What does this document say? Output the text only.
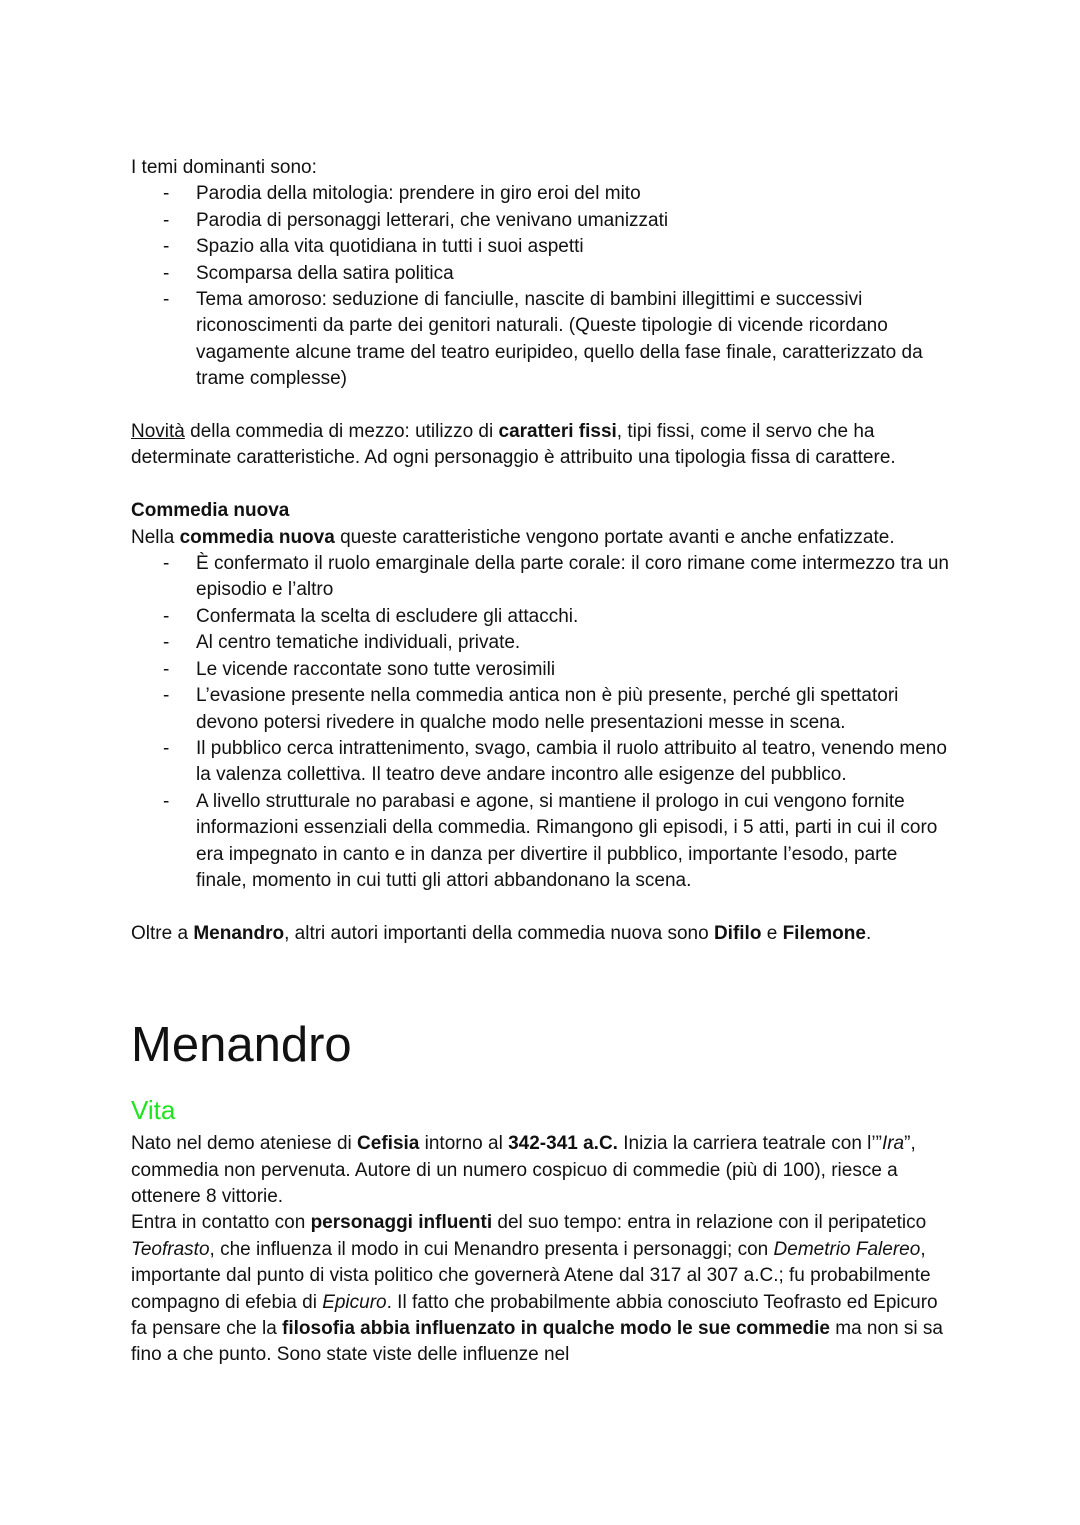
I temi dominanti sono:

- Parodia della mitologia: prendere in giro eroi del mito
- Parodia di personaggi letterari, che venivano umanizzati
- Spazio alla vita quotidiana in tutti i suoi aspetti
- Scomparsa della satira politica
- Tema amoroso: seduzione di fanciulle, nascite di bambini illegittimi e successivi riconoscimenti da parte dei genitori naturali. (Queste tipologie di vicende ricordano vagamente alcune trame del teatro euripideo, quello della fase finale, caratterizzato da trame complesse)

Novità della commedia di mezzo: utilizzo di caratteri fissi, tipi fissi, come il servo che ha determinate caratteristiche. Ad ogni personaggio è attribuito una tipologia fissa di carattere.

Commedia nuova

Nella commedia nuova queste caratteristiche vengono portate avanti e anche enfatizzate.

- È confermato il ruolo emarginale della parte corale: il coro rimane come intermezzo tra un episodio e l’altro
- Confermata la scelta di escludere gli attacchi.
- Al centro tematiche individuali, private.
- Le vicende raccontate sono tutte verosimili
- L’evasione presente nella commedia antica non è più presente, perché gli spettatori devono potersi rivedere in qualche modo nelle presentazioni messe in scena.
- Il pubblico cerca intrattenimento, svago, cambia il ruolo attribuito al teatro, venendo meno la valenza collettiva. Il teatro deve andare incontro alle esigenze del pubblico.
- A livello strutturale no parabasi e agone, si mantiene il prologo in cui vengono fornite informazioni essenziali della commedia. Rimangono gli episodi, i 5 atti, parti in cui il coro era impegnato in canto e in danza per divertire il pubblico, importante l’esodo, parte finale, momento in cui tutti gli attori abbandonano la scena.

Oltre a Menandro, altri autori importanti della commedia nuova sono Difilo e Filemone.

Menandro
Vita

Nato nel demo ateniese di Cefisia intorno al 342-341 a.C. Inizia la carriera teatrale con l’”Ira”, commedia non pervenuta. Autore di un numero cospicuo di commedie (più di 100), riesce a ottenere 8 vittorie.

Entra in contatto con personaggi influenti del suo tempo: entra in relazione con il peripatetico Teofrasto, che influenza il modo in cui Menandro presenta i personaggi; con Demetrio Falereo, importante dal punto di vista politico che governerà Atene dal 317 al 307 a.C.; fu probabilmente compagno di efebia di Epicuro. Il fatto che probabilmente abbia conosciuto Teofrasto ed Epicuro fa pensare che la filosofia abbia influenzato in qualche modo le sue commedie ma non si sa fino a che punto. Sono state viste delle influenze nel
